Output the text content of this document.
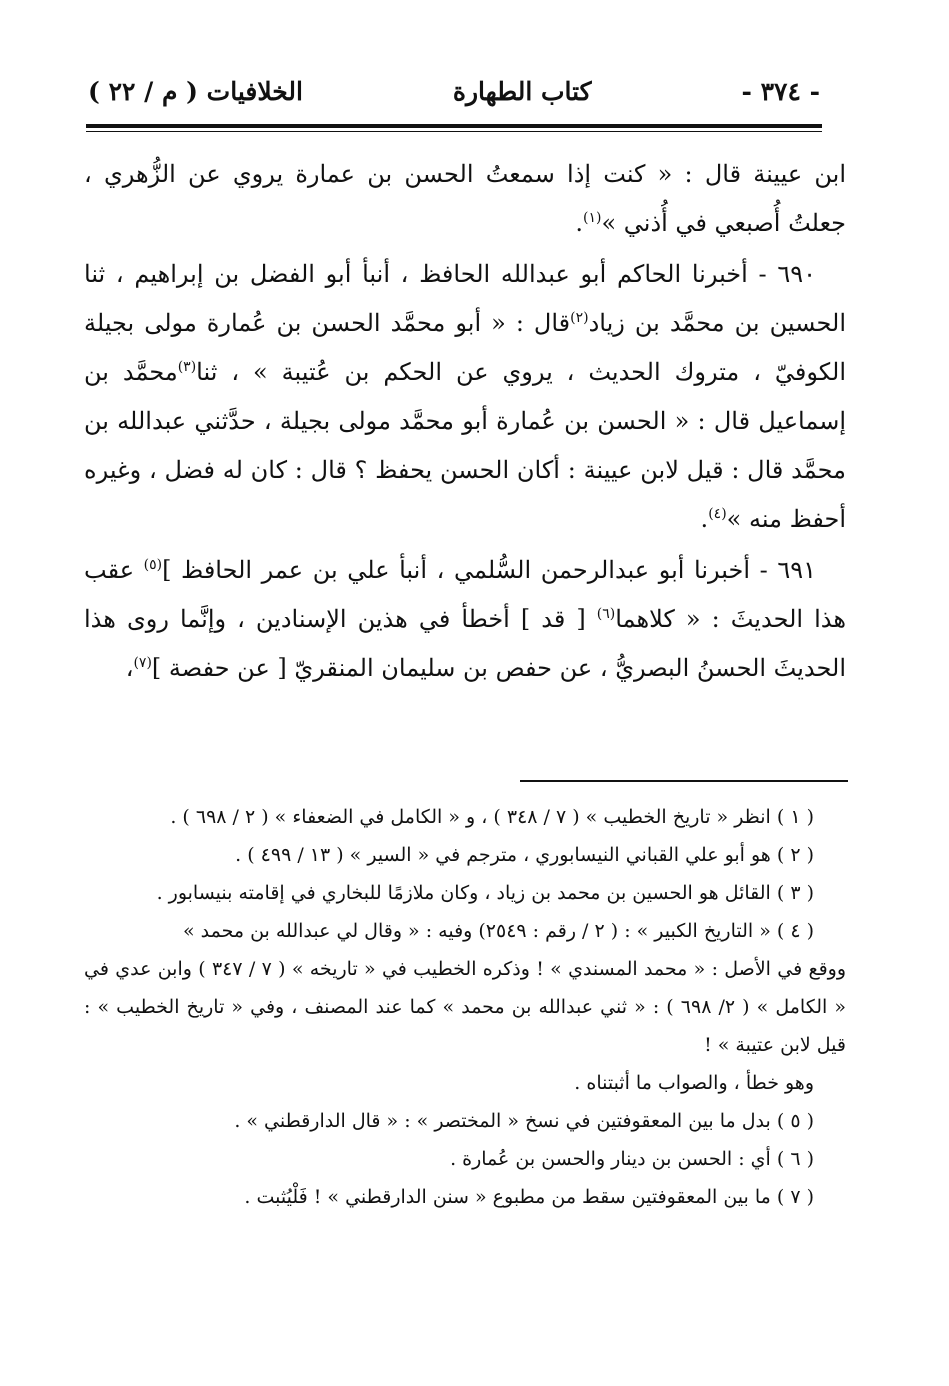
- ٣٧٤ -
كتاب الطهارة
الخلافيات ( م / ٢٢ )

ابن عيينة قال : « كنت إذا سمعتُ الحسن بن عمارة يروي عن الزُّهري ، جعلتُ أُصبعي في أُذني »$^{(١)}$.

٦٩٠ - أخبرنا الحاكم أبو عبدالله الحافظ ، أنبأ أبو الفضل بن إبراهيم ، ثنا الحسين بن محمَّد بن زياد$^{(٢)}$قال : « أبو محمَّد الحسن بن عُمارة مولى بجيلة الكوفيّ ، متروك الحديث ، يروي عن الحكم بن عُتيبة » ، ثنا$^{(٣)}$محمَّد بن إسماعيل قال : « الحسن بن عُمارة أبو محمَّد مولى بجيلة ، حدَّثني عبدالله بن محمَّد قال : قيل لابن عيينة : أكان الحسن يحفظ ؟ قال : كان له فضل ، وغيره أحفظ منه »$^{(٤)}$.

٦٩١ - أخبرنا أبو عبدالرحمن السُّلمي ، أنبأ علي بن عمر الحافظ ]$^{(٥)}$ عقب هذا الحديثَ : « كلاهما$^{(٦)}$ [ قد ] أخطأ في هذين الإسنادين ، وإنَّما روى هذا الحديثَ الحسنُ البصريُّ ، عن حفص بن سليمان المنقريّ [ عن حفصة ]$^{(٧)}$،

( ١ ) انظر « تاريخ الخطيب » ( ٧ / ٣٤٨ ) ، و « الكامل في الضعفاء » ( ٢ / ٦٩٨ ) .

( ٢ ) هو أبو علي القباني النيسابوري ، مترجم في « السير » ( ١٣ / ٤٩٩ ) .

( ٣ ) القائل هو الحسين بن محمد بن زياد ، وكان ملازمًا للبخاري في إقامته بنيسابور .

( ٤ ) « التاريخ الكبير » : ( ٢ / رقم : ٢٥٤٩) وفيه : « وقال لي عبدالله بن محمد »

ووقع في الأصل : « محمد المسندي » ! وذكره الخطيب في « تاريخه » ( ٧ / ٣٤٧ ) وابن عدي في « الكامل » ( ٢/ ٦٩٨ ) : « ثني عبدالله بن محمد » كما عند المصنف ، وفي « تاريخ الخطيب » : قيل لابن عتيبة » !

وهو خطأ ، والصواب ما أثبتناه .

( ٥ ) بدل ما بين المعقوفتين في نسخ « المختصر » : « قال الدارقطني » .

( ٦ ) أي : الحسن بن دينار والحسن بن عُمارة .

( ٧ ) ما بين المعقوفتين سقط من مطبوع « سنن الدارقطني » ! فَلْيُثبت .
